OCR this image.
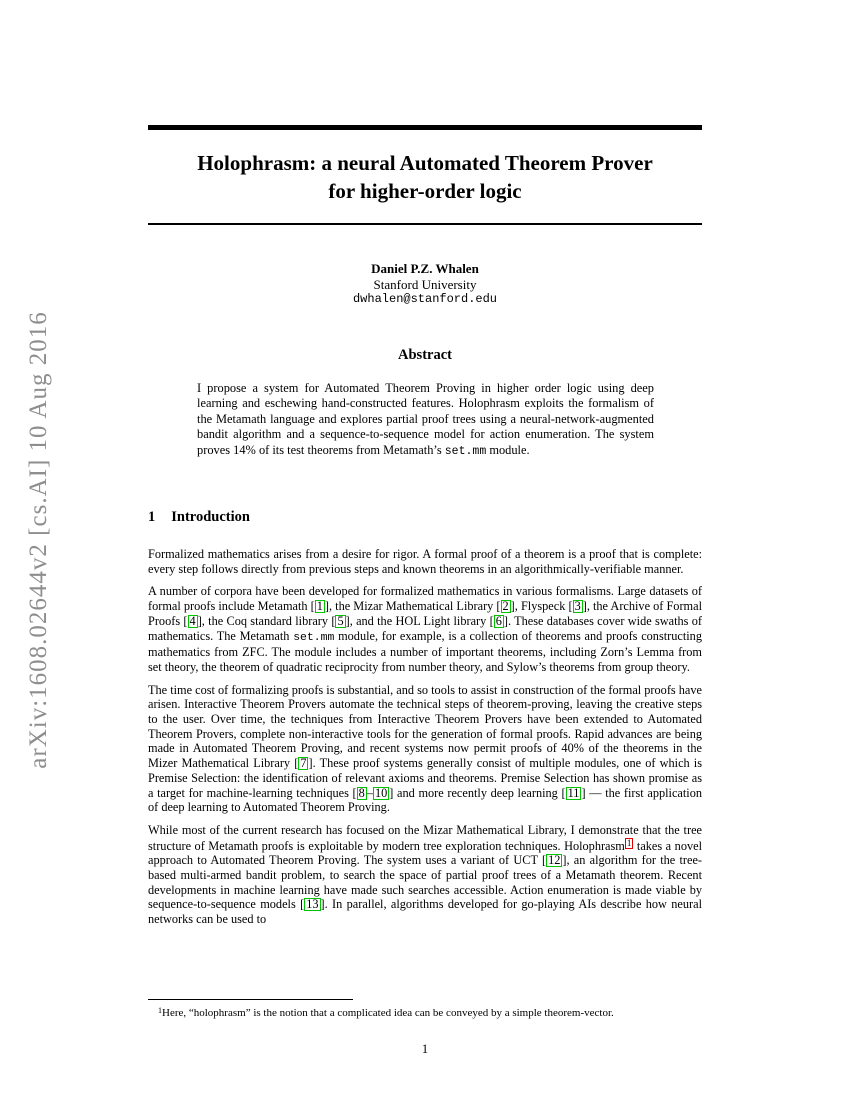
arXiv:1608.02644v2 [cs.AI] 10 Aug 2016
Holophrasm: a neural Automated Theorem Prover
for higher-order logic
Daniel P.Z. Whalen
Stanford University
dwhalen@stanford.edu
Abstract
I propose a system for Automated Theorem Proving in higher order logic using deep learning and eschewing hand-constructed features. Holophrasm exploits the formalism of the Metamath language and explores partial proof trees using a neural-network-augmented bandit algorithm and a sequence-to-sequence model for action enumeration. The system proves 14% of its test theorems from Metamath’s set.mm module.
1 Introduction

Formalized mathematics arises from a desire for rigor. A formal proof of a theorem is a proof that is complete: every step follows directly from previous steps and known theorems in an algorithmically-verifiable manner.

A number of corpora have been developed for formalized mathematics in various formalisms. Large datasets of formal proofs include Metamath [ 1 ], the Mizar Mathematical Library [ 2 ], Flyspeck [ 3 ], the Archive of Formal Proofs [ 4 ], the Coq standard library [ 5 ], and the HOL Light library [ 6 ]. These databases cover wide swaths of mathematics. The Metamath set.mm module, for example, is a collection of theorems and proofs constructing mathematics from ZFC. The module includes a number of important theorems, including Zorn’s Lemma from set theory, the theorem of quadratic reciprocity from number theory, and Sylow’s theorems from group theory.

The time cost of formalizing proofs is substantial, and so tools to assist in construction of the formal proofs have arisen. Interactive Theorem Provers automate the technical steps of theorem-proving, leaving the creative steps to the user. Over time, the techniques from Interactive Theorem Provers have been extended to Automated Theorem Provers, complete non-interactive tools for the generation of formal proofs. Rapid advances are being made in Automated Theorem Proving, and recent systems now permit proofs of 40% of the theorems in the Mizer Mathematical Library [ 7 ]. These proof systems generally consist of multiple modules, one of which is Premise Selection: the identification of relevant axioms and theorems. Premise Selection has shown promise as a target for machine-learning techniques [ 8 – 10 ] and more recently deep learning [ 11 ] — the first application of deep learning to Automated Theorem Proving.

While most of the current research has focused on the Mizar Mathematical Library, I demonstrate that the tree structure of Metamath proofs is exploitable by modern tree exploration techniques. Holophrasm 1 takes a novel approach to Automated Theorem Proving. The system uses a variant of UCT [ 12 ], an algorithm for the tree-based multi-armed bandit problem, to search the space of partial proof trees of a Metamath theorem. Recent developments in machine learning have made such searches accessible. Action enumeration is made viable by sequence-to-sequence models [ 13 ]. In parallel, algorithms developed for go-playing AIs describe how neural networks can be used to

$^1$Here, “holophrasm” is the notion that a complicated idea can be conveyed by a simple theorem-vector.
1
